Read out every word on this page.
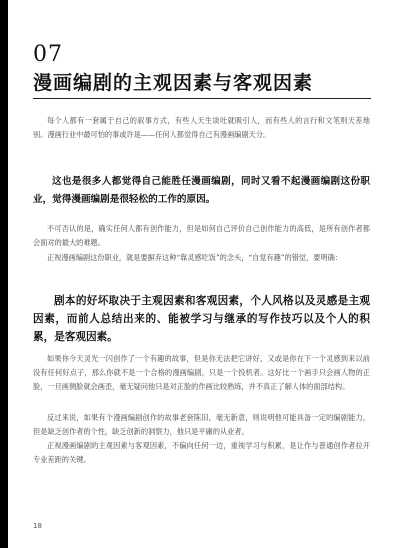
07
漫画编剧的主观因素与客观因素

每个人都有一套属于自己的叙事方式，有些人天生谈吐就吸引人，而有些人的言行和文笔则天差地别。漫画行业中最可怕的事或许是——任何人都觉得自己有漫画编剧天分。

这也是很多人都觉得自己能胜任漫画编剧，同时又看不起漫画编剧这份职业，觉得漫画编剧是很轻松的工作的原因。

不可否认的是，确实任何人都有创作能力，但是如何自己评价自己创作能力的高低，是所有创作者都会面对的最大的难题。

正视漫画编剧这份职业，就是要摒弃这种“靠灵感吃饭”的念头，“自觉有趣”的错觉，要明确：

剧本的好坏取决于主观因素和客观因素，个人风格以及灵感是主观因素，而前人总结出来的、能被学习与继承的写作技巧以及个人的积累，是客观因素。

如果你今天灵光一闪创作了一个有趣的故事，但是你无法把它讲好，又或是你在下一个灵感到来以前没有任何好点子，那么你就不是一个合格的漫画编剧，只是一个投机者。这好比一个画手只会画人物的正脸，一旦画侧脸就会画歪，毫无疑问他只是对正脸的作画比较熟练，并不真正了解人体的面部结构。

反过来说，如果有个漫画编剧创作的故事老套陈旧，毫无新意，则说明他可能具备一定的编剧能力，但是缺乏创作者的个性，缺乏创新的洞察力，他只是平庸的从业者。

正视漫画编剧的主观因素与客观因素，不偏向任何一边，重视学习与积累，是让作与普通创作者拉开专业差距的关键。

18
